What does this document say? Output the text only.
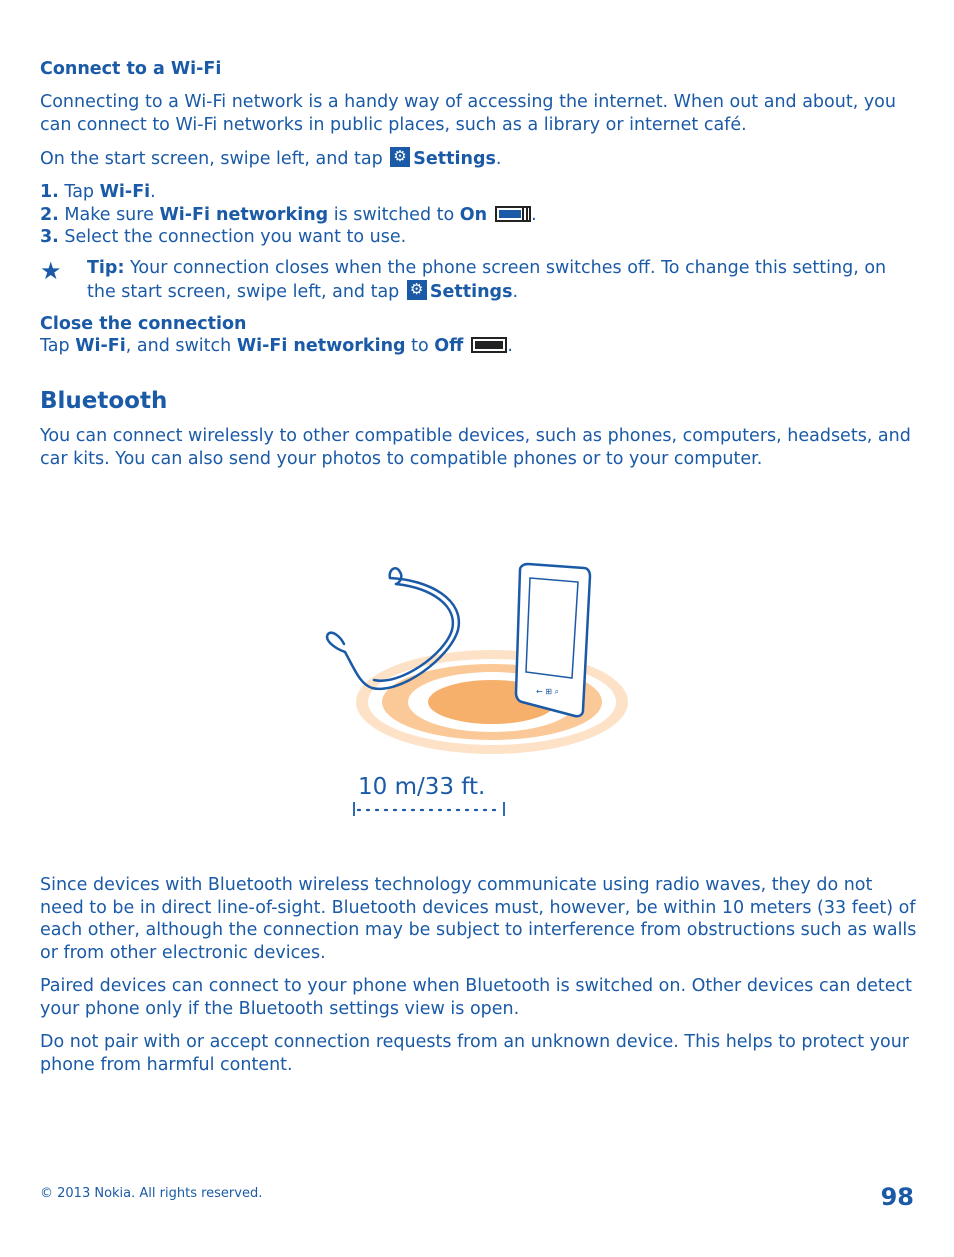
Connect to a Wi-Fi

Connecting to a Wi-Fi network is a handy way of accessing the internet. When out and about, you can connect to Wi-Fi networks in public places, such as a library or internet café.

On the start screen, swipe left, and tap ⚙ Settings.

1. Tap Wi-Fi.
2. Make sure Wi-Fi networking is switched to On	.
3. Select the connection you want to use.
★ Tip: Your connection closes when the phone screen switches off. To change this setting, on the start screen, swipe left, and tap ⚙ Settings.

Close the connection

Tap Wi-Fi, and switch Wi-Fi networking to Off	.

Bluetooth

You can connect wirelessly to other compatible devices, such as phones, computers, headsets, and car kits. You can also send your photos to compatible phones or to your computer.

← ⊞ ⌕
10 m/33 ft.

Since devices with Bluetooth wireless technology communicate using radio waves, they do not need to be in direct line-of-sight. Bluetooth devices must, however, be within 10 meters (33 feet) of each other, although the connection may be subject to interference from obstructions such as walls or from other electronic devices.

Paired devices can connect to your phone when Bluetooth is switched on. Other devices can detect your phone only if the Bluetooth settings view is open.

Do not pair with or accept connection requests from an unknown device. This helps to protect your phone from harmful content.

© 2013 Nokia. All rights reserved.	98
